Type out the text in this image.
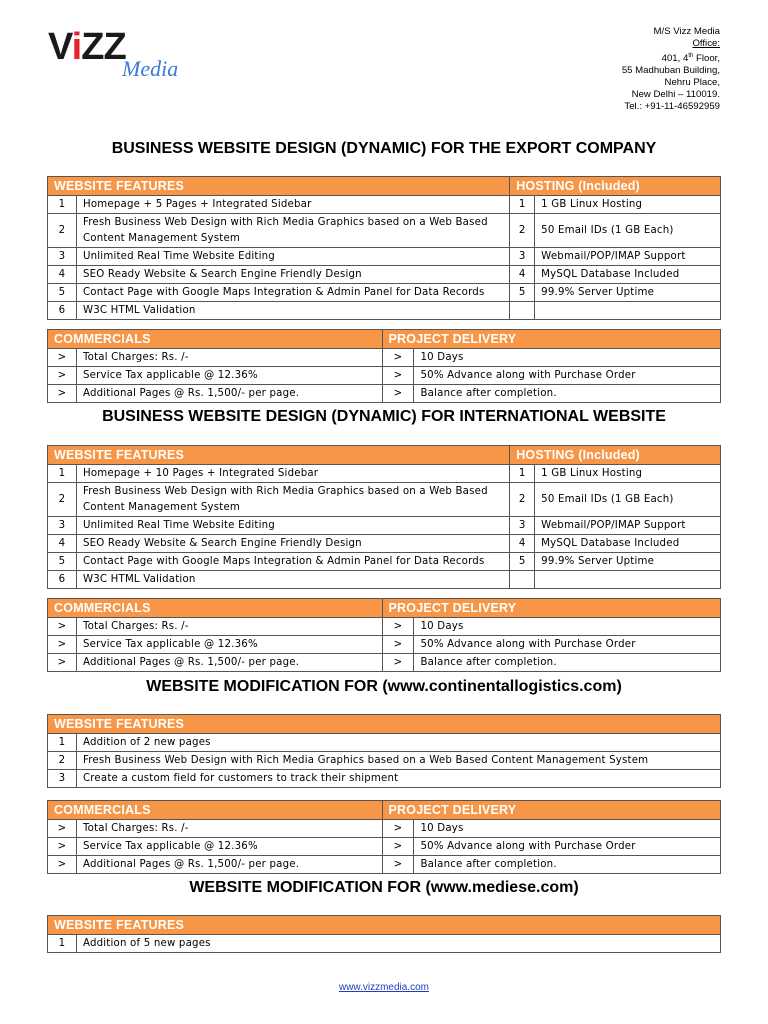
ViZZ
Media
M/S Vizz Media
Office:
401, 4th Floor,
55 Madhuban Building,
Nehru Place,
New Delhi – 110019.
Tel.: +91-11-46592959
BUSINESS WEBSITE DESIGN (DYNAMIC) FOR THE EXPORT COMPANY
WEBSITE FEATURES		HOSTING (Included)	
1	Homepage + 5 Pages + Integrated Sidebar	1	1 GB Linux Hosting
2	Fresh Business Web Design with Rich Media Graphics based on a Web Based Content Management System	2	50 Email IDs (1 GB Each)
3	Unlimited Real Time Website Editing	3	Webmail/POP/IMAP Support
4	SEO Ready Website & Search Engine Friendly Design	4	MySQL Database Included
5	Contact Page with Google Maps Integration & Admin Panel for Data Records	5	99.9% Server Uptime
6	W3C HTML Validation		
COMMERCIALS		PROJECT DELIVERY	
>	Total Charges: Rs. /-	>	10 Days
>	Service Tax applicable @ 12.36%	>	50% Advance along with Purchase Order
>	Additional Pages @ Rs. 1,500/- per page.	>	Balance after completion.
BUSINESS WEBSITE DESIGN (DYNAMIC) FOR INTERNATIONAL WEBSITE
WEBSITE FEATURES		HOSTING (Included)	
1	Homepage + 10 Pages + Integrated Sidebar	1	1 GB Linux Hosting
2	Fresh Business Web Design with Rich Media Graphics based on a Web Based Content Management System	2	50 Email IDs (1 GB Each)
3	Unlimited Real Time Website Editing	3	Webmail/POP/IMAP Support
4	SEO Ready Website & Search Engine Friendly Design	4	MySQL Database Included
5	Contact Page with Google Maps Integration & Admin Panel for Data Records	5	99.9% Server Uptime
6	W3C HTML Validation		
COMMERCIALS		PROJECT DELIVERY	
>	Total Charges: Rs. /-	>	10 Days
>	Service Tax applicable @ 12.36%	>	50% Advance along with Purchase Order
>	Additional Pages @ Rs. 1,500/- per page.	>	Balance after completion.
WEBSITE MODIFICATION FOR (www.continentallogistics.com)
WEBSITE FEATURES	
1	Addition of 2 new pages
2	Fresh Business Web Design with Rich Media Graphics based on a Web Based Content Management System
3	Create a custom field for customers to track their shipment
COMMERCIALS		PROJECT DELIVERY	
>	Total Charges: Rs. /-	>	10 Days
>	Service Tax applicable @ 12.36%	>	50% Advance along with Purchase Order
>	Additional Pages @ Rs. 1,500/- per page.	>	Balance after completion.
WEBSITE MODIFICATION FOR (www.mediese.com)
WEBSITE FEATURES
1	Addition of 5 new pages
www.vizzmedia.com
